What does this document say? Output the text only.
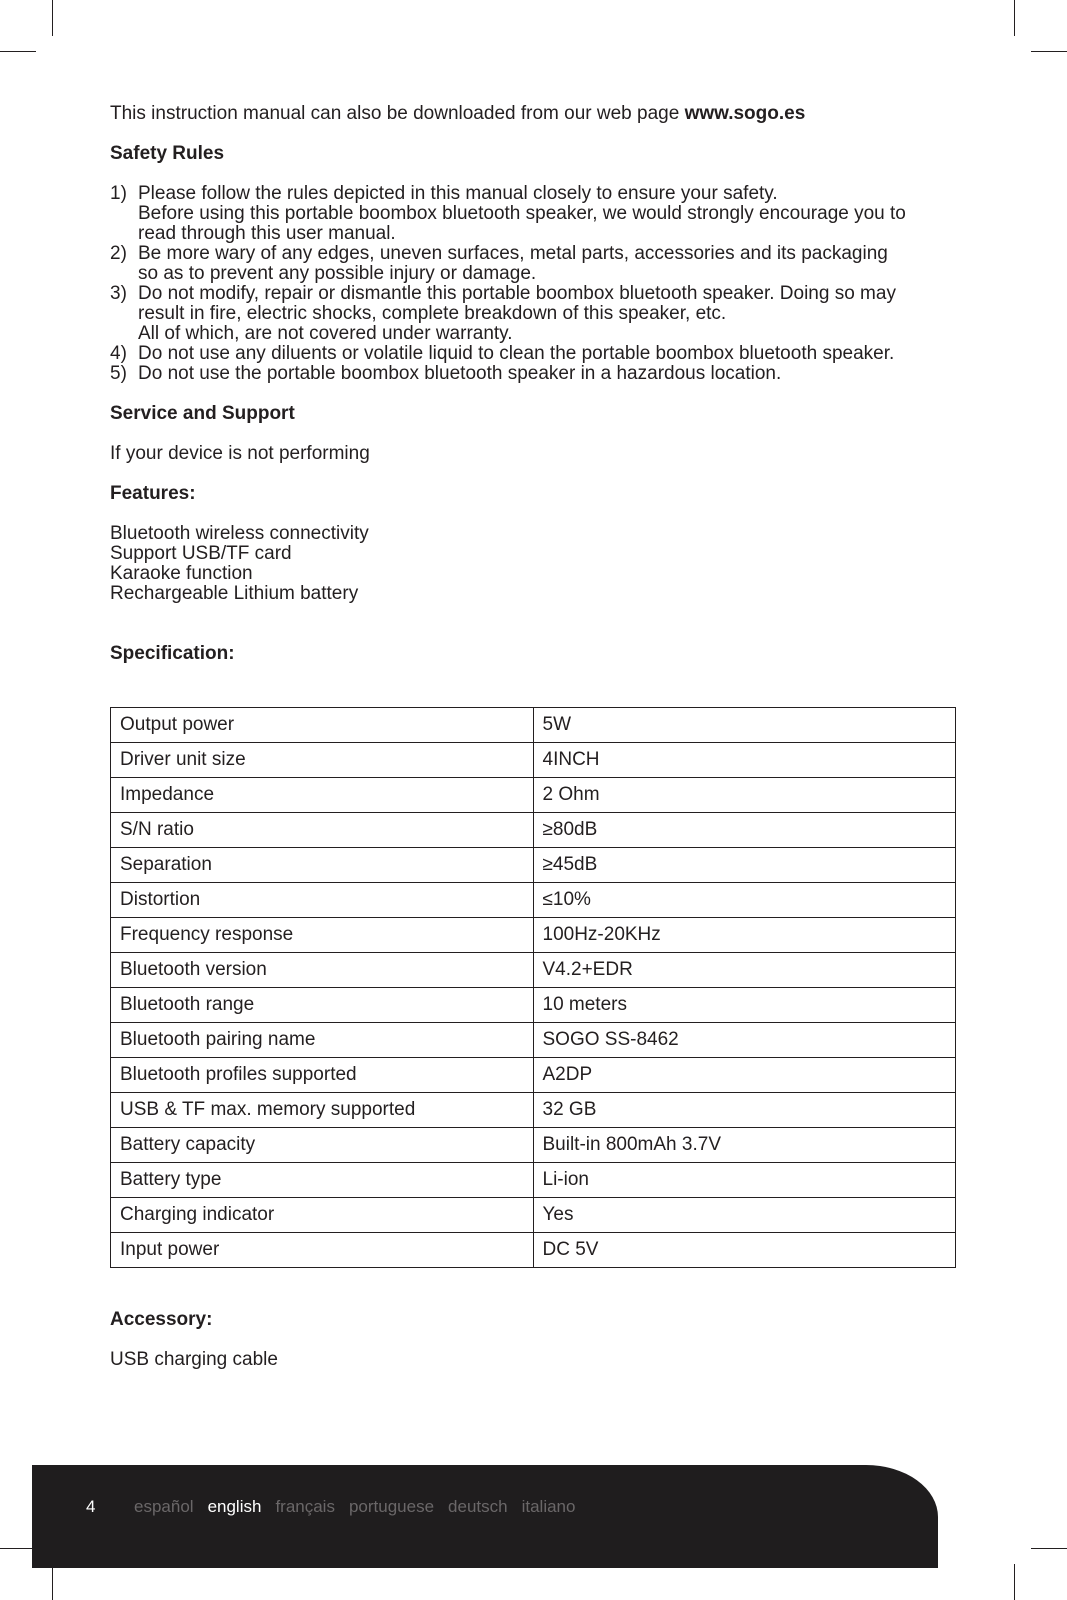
This instruction manual can also be downloaded from our web page www.sogo.es

Safety Rules

1) Please follow the rules depicted in this manual closely to ensure your safety.
Before using this portable boombox bluetooth speaker, we would strongly encourage you to
read through this user manual.
2) Be more wary of any edges, uneven surfaces, metal parts, accessories and its packaging
so as to prevent any possible injury or damage.
3) Do not modify, repair or dismantle this portable boombox bluetooth speaker. Doing so may
result in fire, electric shocks, complete breakdown of this speaker, etc.
All of which, are not covered under warranty.
4) Do not use any diluents or volatile liquid to clean the portable boombox bluetooth speaker.
5) Do not use the portable boombox bluetooth speaker in a hazardous location.

Service and Support

If your device is not performing

Features:

Bluetooth wireless connectivity
Support USB/TF card
Karaoke function
Rechargeable Lithium battery

Specification:

Output power	5W
Driver unit size	4INCH
Impedance	2 Ohm
S/N ratio	≥80dB
Separation	≥45dB
Distortion	≤10%
Frequency response	100Hz-20KHz
Bluetooth version	V4.2+EDR
Bluetooth range	10 meters
Bluetooth pairing name	SOGO SS-8462
Bluetooth profiles supported	A2DP
USB & TF max. memory supported	32 GB
Battery capacity	Built-in 800mAh 3.7V
Battery type	Li-ion
Charging indicator	Yes
Input power	DC 5V

Accessory:

USB charging cable

4 español english français portuguese deutsch italiano
